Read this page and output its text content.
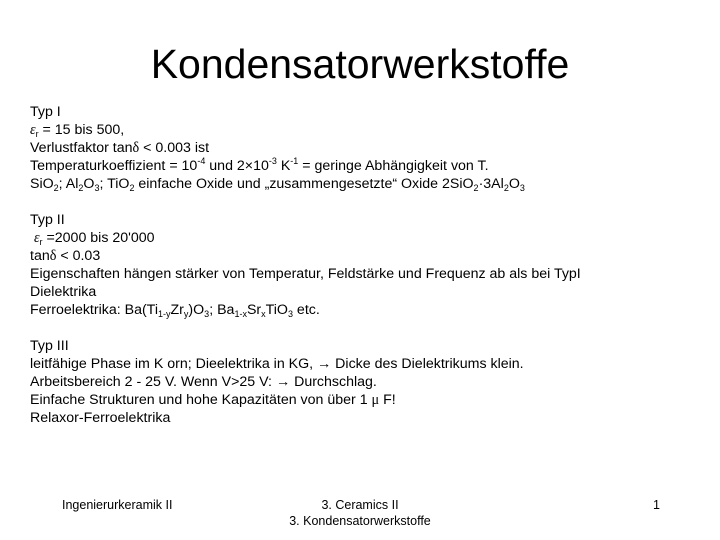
Kondensatorwerkstoffe
Typ I
$\varepsilon_r = 15$ bis 500,
Verlustfaktor tanδ < 0.003 ist
Temperaturkoeffizient = $10^{-4}$ und $2\times 10^{-3}$ $K^{-1}$ = geringe Abhängigkeit von T.
SiO$_2$; $Al_2O_3$; TiO$_2$ einfache Oxide und „zusammengesetzte“ Oxide $2SiO_2\cdot 3Al_2O_3$
Typ II
$\varepsilon_r =2000$ bis 20'000
tanδ < 0.03
Eigenschaften hängen stärker von Temperatur, Feldstärke und Frequenz ab als bei TypI
Dielektrika
Ferroelektrika: $Ba(Ti_{1-y}Zr_y)O_3$; $Ba_{1-x}Sr_xTiO_3$ etc.
Typ III
leitfähige Phase im K orn; Dieelektrika in KG, → Dicke des Dielektrikums klein.
Arbeitsbereich 2 - 25 V. Wenn V>25 V: → Durchschlag.
Einfache Strukturen und hohe Kapazitäten von über 1 μ F!
Relaxor-Ferroelektrika
Ingenierurkeramik II	3. Ceramics II
3. Kondensatorwerkstoffe
1
